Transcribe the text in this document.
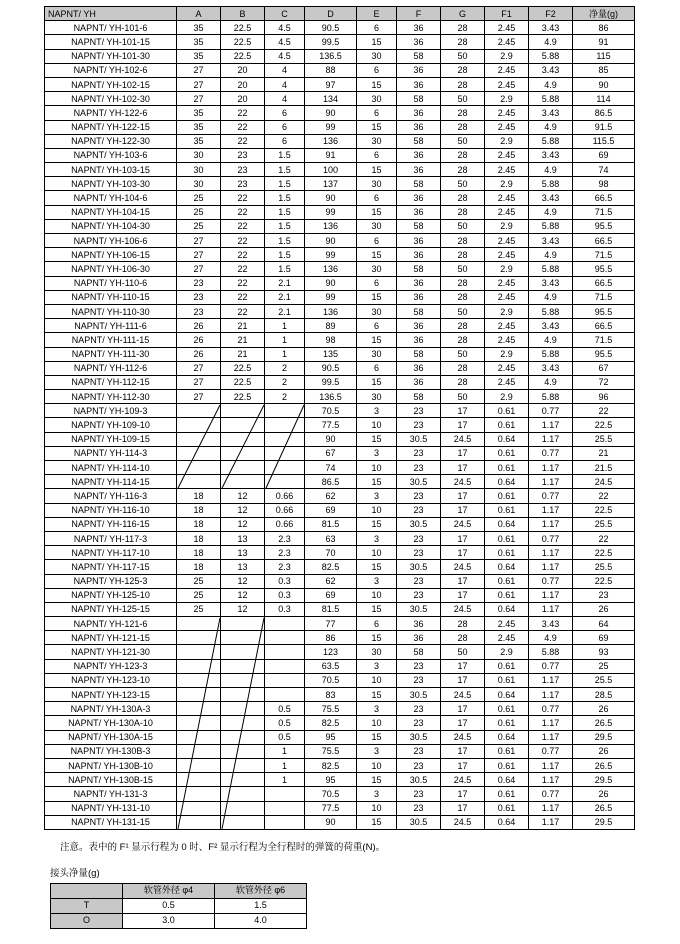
NAPNT/ YH	A	B	C	D	E	F	G	F1	F2	净量(g)
NAPNT/ YH-101-6	35	22.5	4.5	90.5	6	36	28	2.45	3.43	86
NAPNT/ YH-101-15	35	22.5	4.5	99.5	15	36	28	2.45	4.9	91
NAPNT/ YH-101-30	35	22.5	4.5	136.5	30	58	50	2.9	5.88	115
NAPNT/ YH-102-6	27	20	4	88	6	36	28	2.45	3.43	85
NAPNT/ YH-102-15	27	20	4	97	15	36	28	2.45	4.9	90
NAPNT/ YH-102-30	27	20	4	134	30	58	50	2.9	5.88	114
NAPNT/ YH-122-6	35	22	6	90	6	36	28	2.45	3.43	86.5
NAPNT/ YH-122-15	35	22	6	99	15	36	28	2.45	4.9	91.5
NAPNT/ YH-122-30	35	22	6	136	30	58	50	2.9	5.88	115.5
NAPNT/ YH-103-6	30	23	1.5	91	6	36	28	2.45	3.43	69
NAPNT/ YH-103-15	30	23	1.5	100	15	36	28	2.45	4.9	74
NAPNT/ YH-103-30	30	23	1.5	137	30	58	50	2.9	5.88	98
NAPNT/ YH-104-6	25	22	1.5	90	6	36	28	2.45	3.43	66.5
NAPNT/ YH-104-15	25	22	1.5	99	15	36	28	2.45	4.9	71.5
NAPNT/ YH-104-30	25	22	1.5	136	30	58	50	2.9	5.88	95.5
NAPNT/ YH-106-6	27	22	1.5	90	6	36	28	2.45	3.43	66.5
NAPNT/ YH-106-15	27	22	1.5	99	15	36	28	2.45	4.9	71.5
NAPNT/ YH-106-30	27	22	1.5	136	30	58	50	2.9	5.88	95.5
NAPNT/ YH-110-6	23	22	2.1	90	6	36	28	2.45	3.43	66.5
NAPNT/ YH-110-15	23	22	2.1	99	15	36	28	2.45	4.9	71.5
NAPNT/ YH-110-30	23	22	2.1	136	30	58	50	2.9	5.88	95.5
NAPNT/ YH-111-6	26	21	1	89	6	36	28	2.45	3.43	66.5
NAPNT/ YH-111-15	26	21	1	98	15	36	28	2.45	4.9	71.5
NAPNT/ YH-111-30	26	21	1	135	30	58	50	2.9	5.88	95.5
NAPNT/ YH-112-6	27	22.5	2	90.5	6	36	28	2.45	3.43	67
NAPNT/ YH-112-15	27	22.5	2	99.5	15	36	28	2.45	4.9	72
NAPNT/ YH-112-30	27	22.5	2	136.5	30	58	50	2.9	5.88	96
NAPNT/ YH-109-3				70.5	3	23	17	0.61	0.77	22
NAPNT/ YH-109-10				77.5	10	23	17	0.61	1.17	22.5
NAPNT/ YH-109-15				90	15	30.5	24.5	0.64	1.17	25.5
NAPNT/ YH-114-3				67	3	23	17	0.61	0.77	21
NAPNT/ YH-114-10				74	10	23	17	0.61	1.17	21.5
NAPNT/ YH-114-15				86.5	15	30.5	24.5	0.64	1.17	24.5
NAPNT/ YH-116-3	18	12	0.66	62	3	23	17	0.61	0.77	22
NAPNT/ YH-116-10	18	12	0.66	69	10	23	17	0.61	1.17	22.5
NAPNT/ YH-116-15	18	12	0.66	81.5	15	30.5	24.5	0.64	1.17	25.5
NAPNT/ YH-117-3	18	13	2.3	63	3	23	17	0.61	0.77	22
NAPNT/ YH-117-10	18	13	2.3	70	10	23	17	0.61	1.17	22.5
NAPNT/ YH-117-15	18	13	2.3	82.5	15	30.5	24.5	0.64	1.17	25.5
NAPNT/ YH-125-3	25	12	0.3	62	3	23	17	0.61	0.77	22.5
NAPNT/ YH-125-10	25	12	0.3	69	10	23	17	0.61	1.17	23
NAPNT/ YH-125-15	25	12	0.3	81.5	15	30.5	24.5	0.64	1.17	26
NAPNT/ YH-121-6				77	6	36	28	2.45	3.43	64
NAPNT/ YH-121-15				86	15	36	28	2.45	4.9	69
NAPNT/ YH-121-30				123	30	58	50	2.9	5.88	93
NAPNT/ YH-123-3				63.5	3	23	17	0.61	0.77	25
NAPNT/ YH-123-10				70.5	10	23	17	0.61	1.17	25.5
NAPNT/ YH-123-15				83	15	30.5	24.5	0.64	1.17	28.5
NAPNT/ YH-130A-3			0.5	75.5	3	23	17	0.61	0.77	26
NAPNT/ YH-130A-10			0.5	82.5	10	23	17	0.61	1.17	26.5
NAPNT/ YH-130A-15			0.5	95	15	30.5	24.5	0.64	1.17	29.5
NAPNT/ YH-130B-3			1	75.5	3	23	17	0.61	0.77	26
NAPNT/ YH-130B-10			1	82.5	10	23	17	0.61	1.17	26.5
NAPNT/ YH-130B-15			1	95	15	30.5	24.5	0.64	1.17	29.5
NAPNT/ YH-131-3				70.5	3	23	17	0.61	0.77	26
NAPNT/ YH-131-10				77.5	10	23	17	0.61	1.17	26.5
NAPNT/ YH-131-15				90	15	30.5	24.5	0.64	1.17	29.5
注意。表中的 F¹ 显示行程为 0 时、F² 显示行程为全行程时的弹簧的荷重(N)。
接头净量(g)
	软管外径 φ4	软管外径 φ6
T	0.5	1.5
O	3.0	4.0
